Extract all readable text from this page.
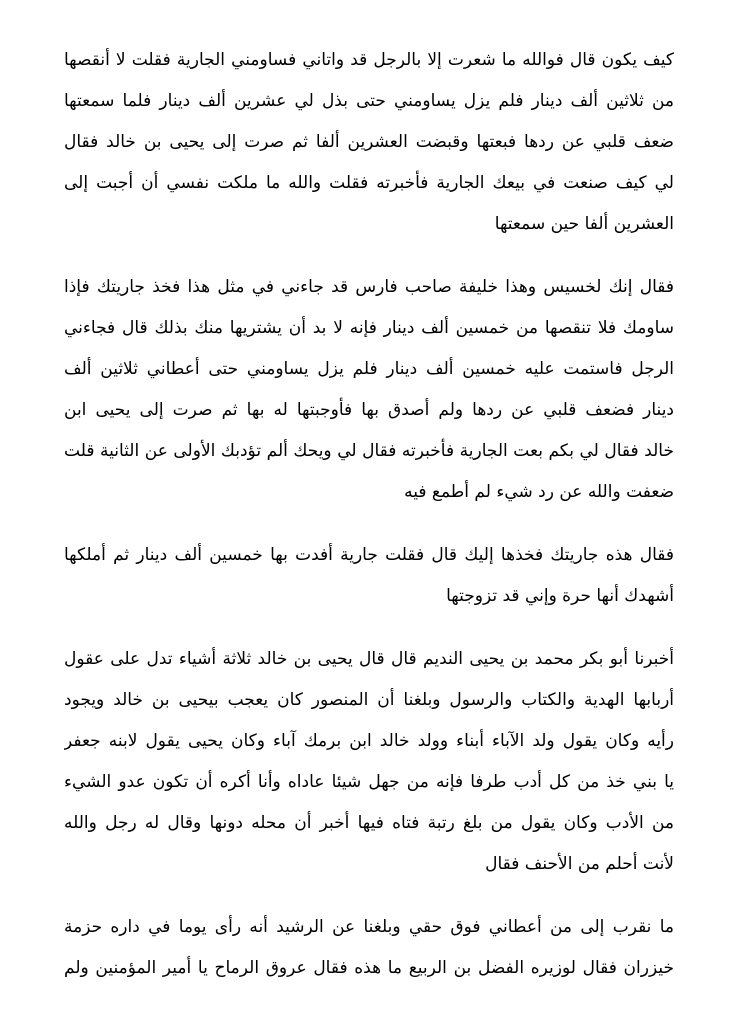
كيف يكون قال فوالله ما شعرت إلا بالرجل قد واتاني فساومني الجارية فقلت لا أنقصها
من ثلاثين ألف دينار فلم يزل يساومني حتى بذل لي عشرين ألف دينار فلما سمعتها
ضعف قلبي عن ردها فبعتها وقبضت العشرين ألفا ثم صرت إلى يحيى بن خالد فقال
لي كيف صنعت في بيعك الجارية فأخبرته فقلت والله ما ملكت نفسي أن أجبت إلى
العشرين ألفا حين سمعتها
فقال إنك لخسيس وهذا خليفة صاحب فارس قد جاءني في مثل هذا فخذ جاريتك فإذا
ساومك فلا تنقصها من خمسين ألف دينار فإنه لا بد أن يشتريها منك بذلك قال فجاءني
الرجل فاستمت عليه خمسين ألف دينار فلم يزل يساومني حتى أعطاني ثلاثين ألف
دينار فضعف قلبي عن ردها ولم أصدق بها فأوجبتها له بها ثم صرت إلى يحيى ابن
خالد فقال لي بكم بعت الجارية فأخبرته فقال لي ويحك ألم تؤدبك الأولى عن الثانية قلت
ضعفت والله عن رد شيء لم أطمع فيه
فقال هذه جاريتك فخذها إليك قال فقلت جارية أفدت بها خمسين ألف دينار ثم أملكها
أشهدك أنها حرة وإني قد تزوجتها
أخبرنا أبو بكر محمد بن يحيى النديم قال قال يحيى بن خالد ثلاثة أشياء تدل على عقول
أربابها الهدية والكتاب والرسول وبلغنا أن المنصور كان يعجب بيحيى بن خالد ويجود
رأيه وكان يقول ولد الآباء أبناء وولد خالد ابن برمك آباء وكان يحيى يقول لابنه جعفر
يا بني خذ من كل أدب طرفا فإنه من جهل شيئا عاداه وأنا أكره أن تكون عدو الشيء
من الأدب وكان يقول من بلغ رتبة فتاه فيها أخبر أن محله دونها وقال له رجل والله
لأنت أحلم من الأحنف فقال
ما نقرب إلى من أعطاني فوق حقي وبلغنا عن الرشيد أنه رأى يوما في داره حزمة
خيزران فقال لوزيره الفضل بن الربيع ما هذه فقال عروق الرماح يا أمير المؤمنين ولم
